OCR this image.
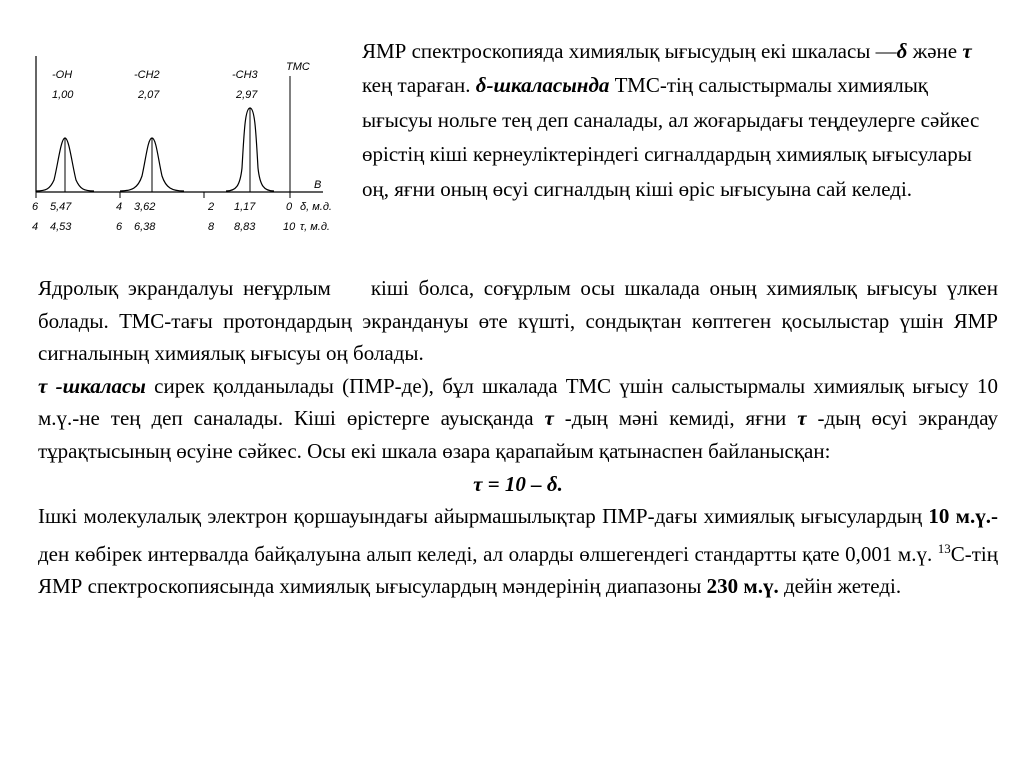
-OH
1,00
-CH2
2,07
-CH3
2,97
TMC
B
6 5,47	4 3,62	2 1,17	0 δ, м.д.
4 4,53	6 6,38	8 8,83	10 τ, м.д.

ЯМР спектроскопияда химиялық ығысудың екі шкаласы —δ және τ кең тараған. δ-шкаласында ТМС-тің салыстырмалы химиялық ығысуы нольге тең деп саналады, ал жоғарыдағы теңдеулерге сәйкес өрістің кіші кернеуліктеріндегі сигналдардың химиялық ығысулары оң, яғни оның өсуі сигналдың кіші өріс ығысуына сай келеді.

Ядролық экрандалуы неғұрлым кіші болса, соғұрлым осы шкалада оның химиялық ығысуы үлкен болады. ТМС-тағы протондардың экрандануы өте күшті, сондықтан көптеген қосылыстар үшін ЯМР сигналының химиялық ығысуы оң болады.

τ -шкаласы сирек қолданылады (ПМР-де), бұл шкалада ТМС үшін салыстырмалы химиялық ығысу 10 м.ү.-не тең деп саналады. Кіші өрістерге ауысқанда τ -дың мәні кемиді, яғни τ -дың өсуі экрандау тұрақтысының өсуіне сәйкес. Осы екі шкала өзара қарапайым қатынаспен байланысқан:

τ = 10 – δ.

Ішкі молекулалық электрон қоршауындағы айырмашылықтар ПМР-дағы химиялық ығысулардың 10 м.ү.-ден көбірек интервалда байқалуына алып келеді, ал оларды өлшегендегі стандартты қате 0,001 м.ү. $^{13}$С-тің ЯМР спектроскопиясында химиялық ығысулардың мәндерінің диапазоны 230 м.ү. дейін жетеді.
